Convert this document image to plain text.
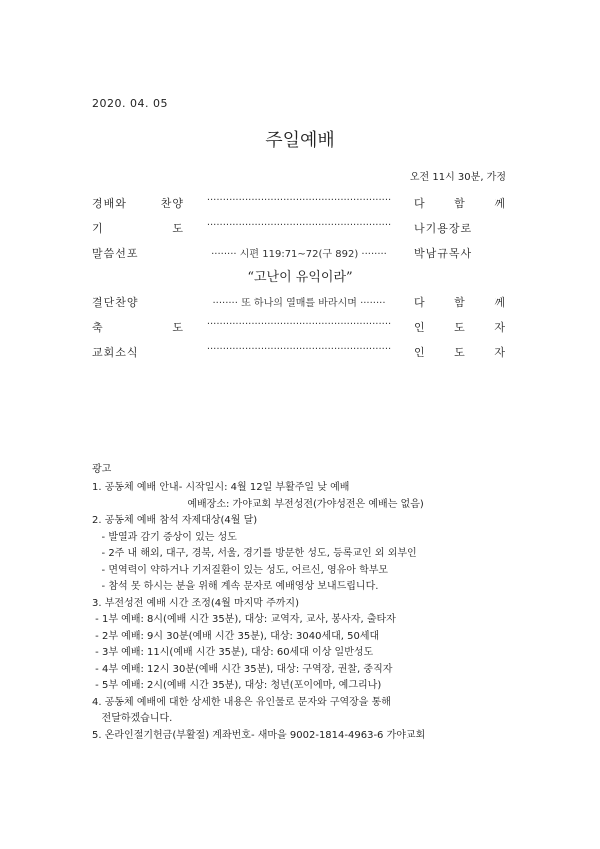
2020. 04. 05
주일예배
오전 11시 30분, 가정
경배와 찬양	··························································	다 함 께
기 도	··························································	나기용장로
말씀선포	········ 시편 119:71~72(구 892) ········	박남규목사
“고난이 유익이라”
결단찬양	········ 또 하나의 열매를 바라시며 ········	다 함 께
축 도	··························································	인 도 자
교회소식	··························································	인 도 자
광고
1. 공동체 예배 안내- 시작일시: 4월 12일 부활주일 낮 예배
예배장소: 가야교회 부전성전(가야성전은 예배는 없음)
2. 공동체 예배 참석 자제대상(4월 달)
- 발열과 감기 증상이 있는 성도
- 2주 내 해외, 대구, 경북, 서울, 경기를 방문한 성도, 등록교인 외 외부인
- 면역력이 약하거나 기저질환이 있는 성도, 어르신, 영유아 학부모
- 참석 못 하시는 분을 위해 계속 문자로 예배영상 보내드립니다.
3. 부전성전 예배 시간 조정(4월 마지막 주까지)
- 1부 예배: 8시(예배 시간 35분), 대상: 교역자, 교사, 봉사자, 출타자
- 2부 예배: 9시 30분(예배 시간 35분), 대상: 3040세대, 50세대
- 3부 예배: 11시(예배 시간 35분), 대상: 60세대 이상 일반성도
- 4부 예배: 12시 30분(예배 시간 35분), 대상: 구역장, 권찰, 중직자
- 5부 예배: 2시(예배 시간 35분), 대상: 청년(포이에마, 예그리나)
4. 공동체 예배에 대한 상세한 내용은 유인물로 문자와 구역장을 통해
전달하겠습니다.
5. 온라인절기헌금(부활절) 계좌번호- 새마을 9002-1814-4963-6 가야교회
